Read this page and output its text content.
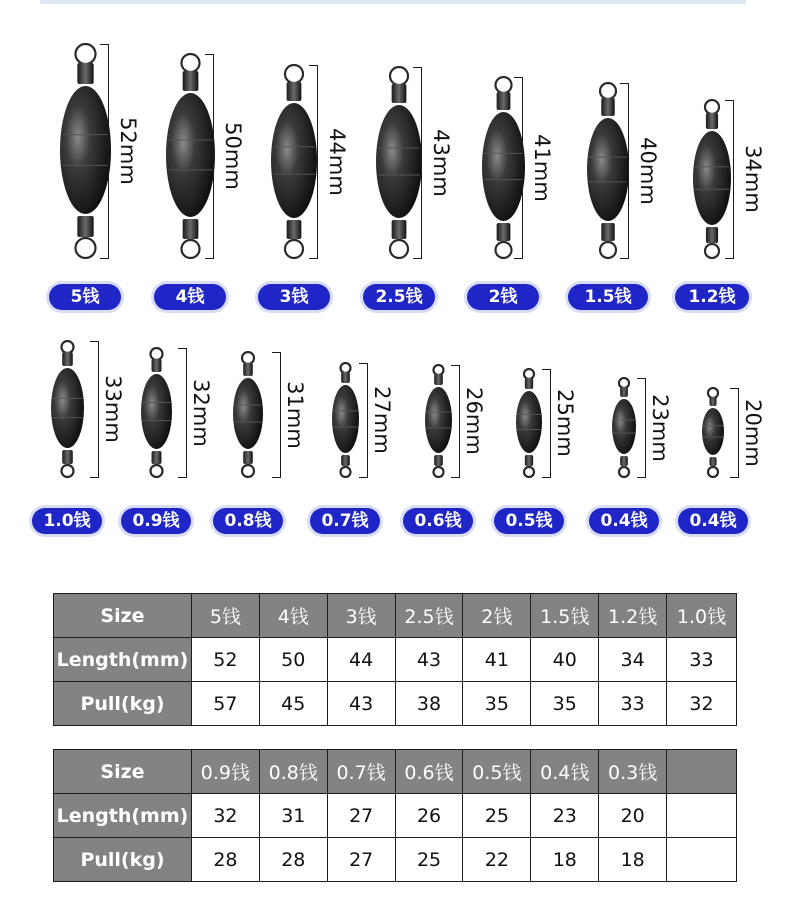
52mm
5钱
50mm
4钱
44mm
3钱
43mm
2.5钱
41mm
2钱
40mm
1.5钱
34mm
1.2钱
33mm
1.0钱
32mm
0.9钱
31mm
0.8钱
27mm
0.7钱
26mm
0.6钱
25mm
0.5钱
23mm
0.4钱
20mm
0.4钱
Size	5钱	4钱	3钱	2.5钱	2钱	1.5钱	1.2钱	1.0钱
Length(mm)	52	50	44	43	41	40	34	33
Pull(kg)	57	45	43	38	35	35	33	32
Size	0.9钱	0.8钱	0.7钱	0.6钱	0.5钱	0.4钱	0.3钱	
Length(mm)	32	31	27	26	25	23	20	
Pull(kg)	28	28	27	25	22	18	18	
